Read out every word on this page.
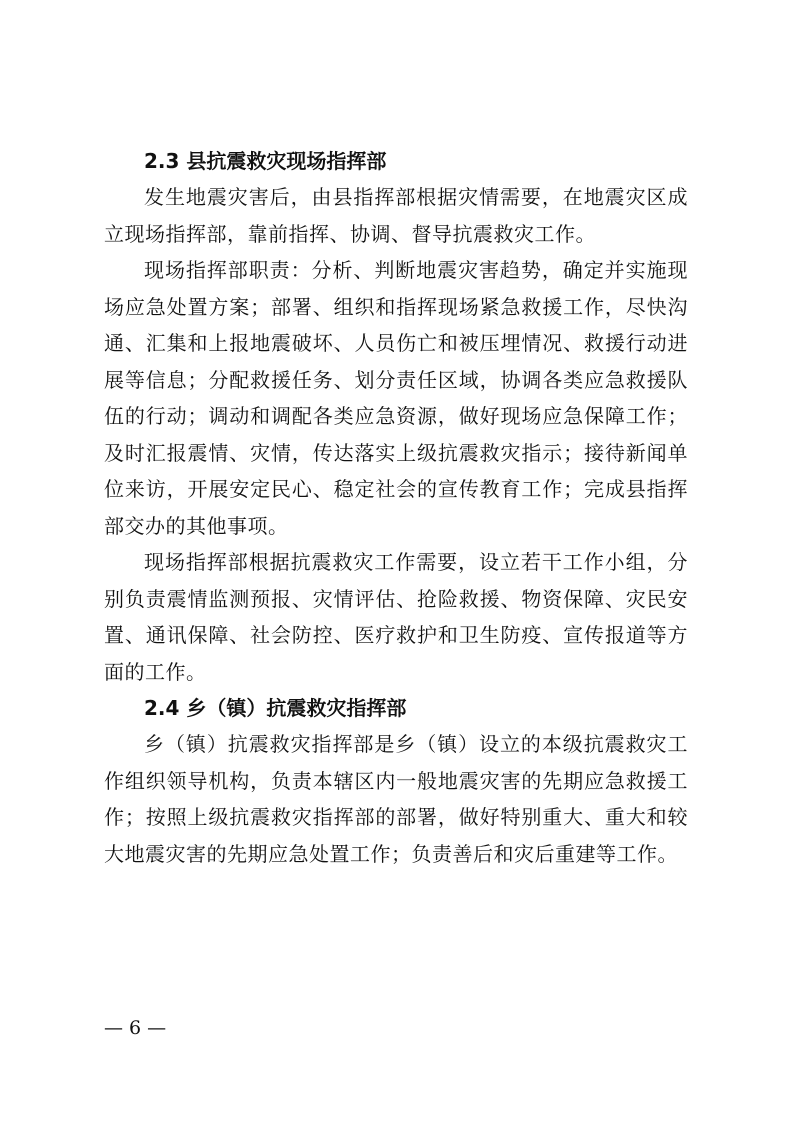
2.3 县抗震救灾现场指挥部

发生地震灾害后，由县指挥部根据灾情需要，在地震灾区成立现场指挥部，靠前指挥、协调、督导抗震救灾工作。

现场指挥部职责：分析、判断地震灾害趋势，确定并实施现场应急处置方案；部署、组织和指挥现场紧急救援工作，尽快沟通、汇集和上报地震破坏、人员伤亡和被压埋情况、救援行动进展等信息；分配救援任务、划分责任区域，协调各类应急救援队伍的行动；调动和调配各类应急资源，做好现场应急保障工作；及时汇报震情、灾情，传达落实上级抗震救灾指示；接待新闻单位来访，开展安定民心、稳定社会的宣传教育工作；完成县指挥部交办的其他事项。

现场指挥部根据抗震救灾工作需要，设立若干工作小组，分别负责震情监测预报、灾情评估、抢险救援、物资保障、灾民安置、通讯保障、社会防控、医疗救护和卫生防疫、宣传报道等方面的工作。

2.4 乡（镇）抗震救灾指挥部

乡（镇）抗震救灾指挥部是乡（镇）设立的本级抗震救灾工作组织领导机构，负责本辖区内一般地震灾害的先期应急救援工作；按照上级抗震救灾指挥部的部署，做好特别重大、重大和较大地震灾害的先期应急处置工作；负责善后和灾后重建等工作。

— 6 —
